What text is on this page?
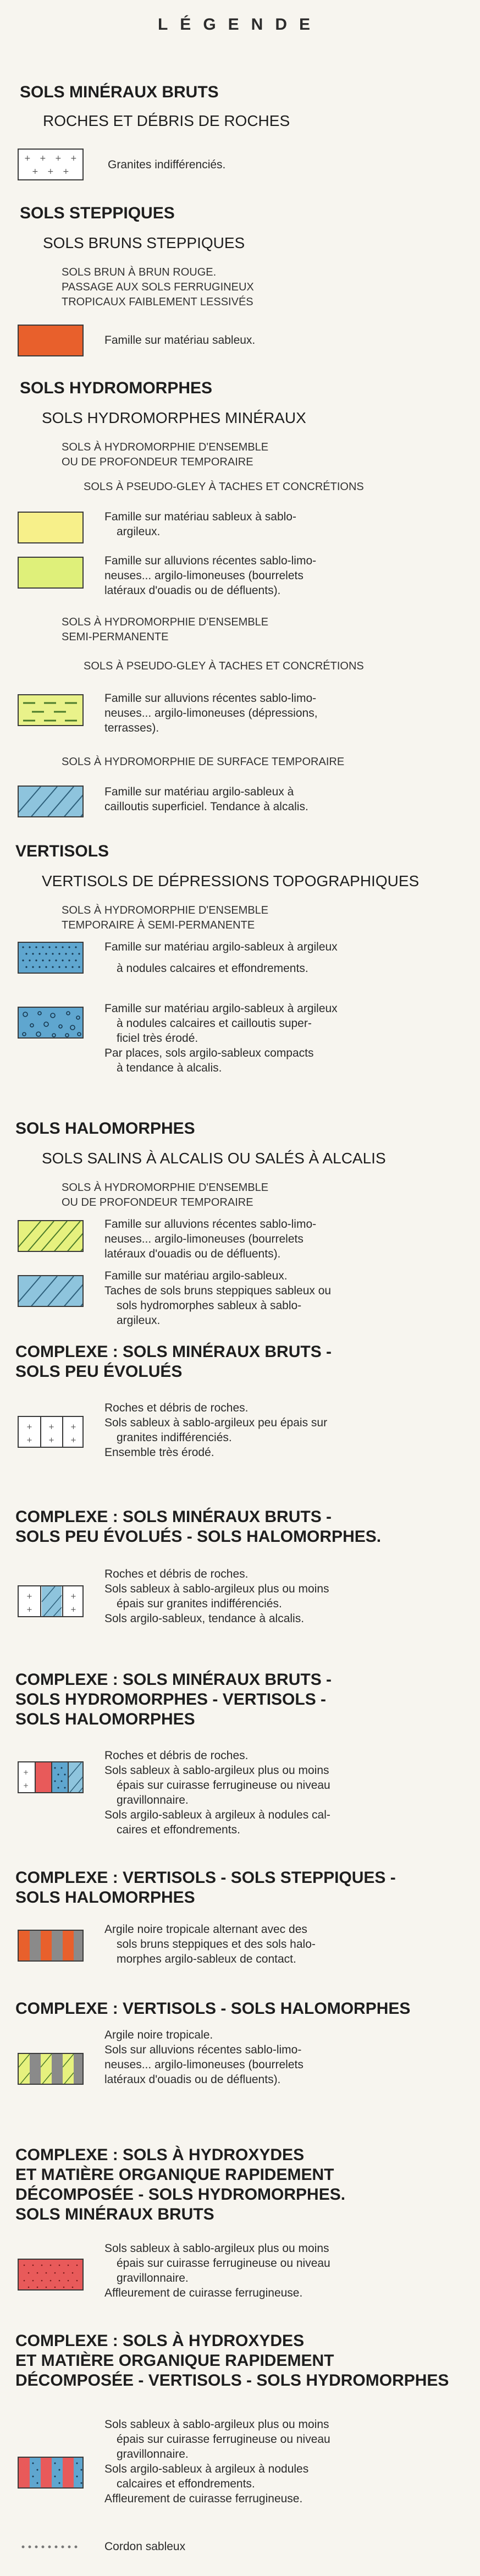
LÉGENDE
SOLS MINÉRAUX BRUTS
ROCHES ET DÉBRIS DE ROCHES
+ + + +
+ + +
Granites indifférenciés.
SOLS STEPPIQUES
SOLS BRUNS STEPPIQUES
SOLS BRUN À BRUN ROUGE.
PASSAGE AUX SOLS FERRUGINEUX
TROPICAUX FAIBLEMENT LESSIVÉS
Famille sur matériau sableux.
SOLS HYDROMORPHES
SOLS HYDROMORPHES MINÉRAUX
SOLS À HYDROMORPHIE D'ENSEMBLE
OU DE PROFONDEUR TEMPORAIRE
SOLS À PSEUDO-GLEY À TACHES ET CONCRÉTIONS
Famille sur matériau sableux à sablo-
argileux.
Famille sur alluvions récentes sablo-limo-
neuses... argilo-limoneuses (bourrelets
latéraux d'ouadis ou de défluents).
SOLS À HYDROMORPHIE D'ENSEMBLE
SEMI-PERMANENTE
SOLS À PSEUDO-GLEY À TACHES ET CONCRÉTIONS
Famille sur alluvions récentes sablo-limo-
neuses... argilo-limoneuses (dépressions,
terrasses).
SOLS À HYDROMORPHIE DE SURFACE TEMPORAIRE
Famille sur matériau argilo-sableux à
cailloutis superficiel. Tendance à alcalis.
VERTISOLS
VERTISOLS DE DÉPRESSIONS TOPOGRAPHIQUES
SOLS À HYDROMORPHIE D'ENSEMBLE
TEMPORAIRE À SEMI-PERMANENTE
Famille sur matériau argilo-sableux à argileux
à nodules calcaires et effondrements.
Famille sur matériau argilo-sableux à argileux
à nodules calcaires et cailloutis super-
ficiel très érodé.
Par places, sols argilo-sableux compacts
à tendance à alcalis.
SOLS HALOMORPHES
SOLS SALINS À ALCALIS OU SALÉS À ALCALIS
SOLS À HYDROMORPHIE D'ENSEMBLE
OU DE PROFONDEUR TEMPORAIRE
Famille sur alluvions récentes sablo-limo-
neuses... argilo-limoneuses (bourrelets
latéraux d'ouadis ou de défluents).
Famille sur matériau argilo-sableux.
Taches de sols bruns steppiques sableux ou
sols hydromorphes sableux à sablo-
argileux.
COMPLEXE : SOLS MINÉRAUX BRUTS -
SOLS PEU ÉVOLUÉS
+ + +
+ + +
Roches et débris de roches.
Sols sableux à sablo-argileux peu épais sur
granites indifférenciés.
Ensemble très érodé.
COMPLEXE : SOLS MINÉRAUX BRUTS -
SOLS PEU ÉVOLUÉS - SOLS HALOMORPHES.
+	+
+	+
Roches et débris de roches.
Sols sableux à sablo-argileux plus ou moins
épais sur granites indifférenciés.
Sols argilo-sableux, tendance à alcalis.
COMPLEXE : SOLS MINÉRAUX BRUTS -
SOLS HYDROMORPHES - VERTISOLS -
SOLS HALOMORPHES
+
+
Roches et débris de roches.
Sols sableux à sablo-argileux plus ou moins
épais sur cuirasse ferrugineuse ou niveau
gravillonnaire.
Sols argilo-sableux à argileux à nodules cal-
caires et effondrements.
COMPLEXE : VERTISOLS - SOLS STEPPIQUES -
SOLS HALOMORPHES
Argile noire tropicale alternant avec des
sols bruns steppiques et des sols halo-
morphes argilo-sableux de contact.
COMPLEXE : VERTISOLS - SOLS HALOMORPHES
Argile noire tropicale.
Sols sur alluvions récentes sablo-limo-
neuses... argilo-limoneuses (bourrelets
latéraux d'ouadis ou de défluents).
COMPLEXE : SOLS À HYDROXYDES
ET MATIÈRE ORGANIQUE RAPIDEMENT
DÉCOMPOSÉE - SOLS HYDROMORPHES.
SOLS MINÉRAUX BRUTS
Sols sableux à sablo-argileux plus ou moins
épais sur cuirasse ferrugineuse ou niveau
gravillonnaire.
Affleurement de cuirasse ferrugineuse.
COMPLEXE : SOLS À HYDROXYDES
ET MATIÈRE ORGANIQUE RAPIDEMENT
DÉCOMPOSÉE - VERTISOLS - SOLS HYDROMORPHES
Sols sableux à sablo-argileux plus ou moins
épais sur cuirasse ferrugineuse ou niveau
gravillonnaire.
Sols argilo-sableux à argileux à nodules
calcaires et effondrements.
Affleurement de cuirasse ferrugineuse.
Cordon sableux
